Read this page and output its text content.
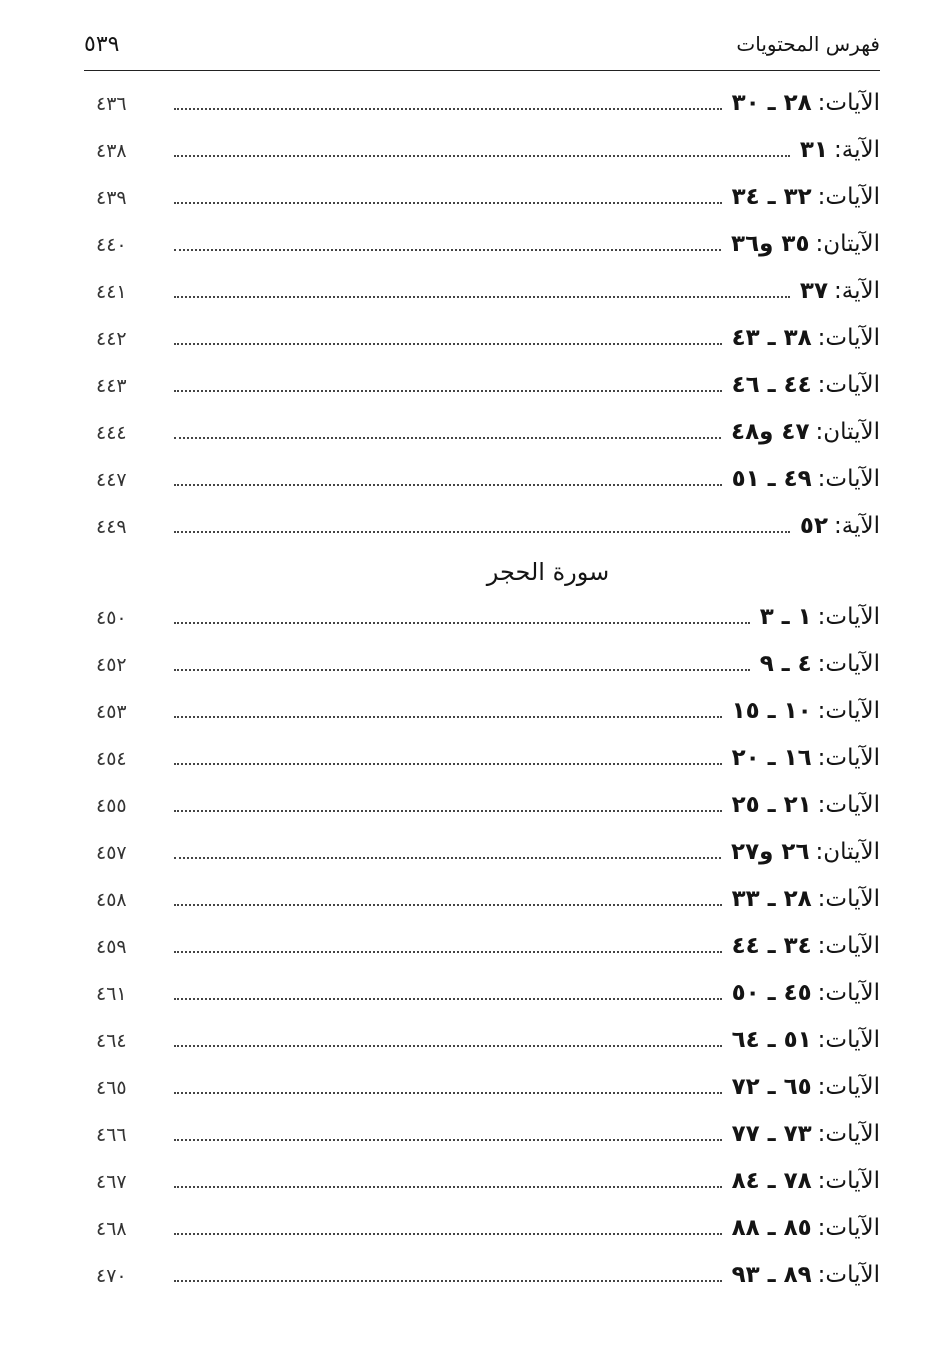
فهرس المحتويات
٥٣٩
الآيات:٢٨ ـ ٣٠
٤٣٦
الآية:٣١
٤٣٨
الآيات:٣٢ ـ ٣٤
٤٣٩
الآيتان:٣٥ و٣٦
٤٤٠
الآية:٣٧
٤٤١
الآيات:٣٨ ـ ٤٣
٤٤٢
الآيات:٤٤ ـ ٤٦
٤٤٣
الآيتان:٤٧ و٤٨
٤٤٤
الآيات:٤٩ ـ ٥١
٤٤٧
الآية:٥٢
٤٤٩
سورة الحجر
الآيات:١ ـ ٣
٤٥٠
الآيات:٤ ـ ٩
٤٥٢
الآيات:١٠ ـ ١٥
٤٥٣
الآيات:١٦ ـ ٢٠
٤٥٤
الآيات:٢١ ـ ٢٥
٤٥٥
الآيتان:٢٦ و٢٧
٤٥٧
الآيات:٢٨ ـ ٣٣
٤٥٨
الآيات:٣٤ ـ ٤٤
٤٥٩
الآيات:٤٥ ـ ٥٠
٤٦١
الآيات:٥١ ـ ٦٤
٤٦٤
الآيات:٦٥ ـ ٧٢
٤٦٥
الآيات:٧٣ ـ ٧٧
٤٦٦
الآيات:٧٨ ـ ٨٤
٤٦٧
الآيات:٨٥ ـ ٨٨
٤٦٨
الآيات:٨٩ ـ ٩٣
٤٧٠
